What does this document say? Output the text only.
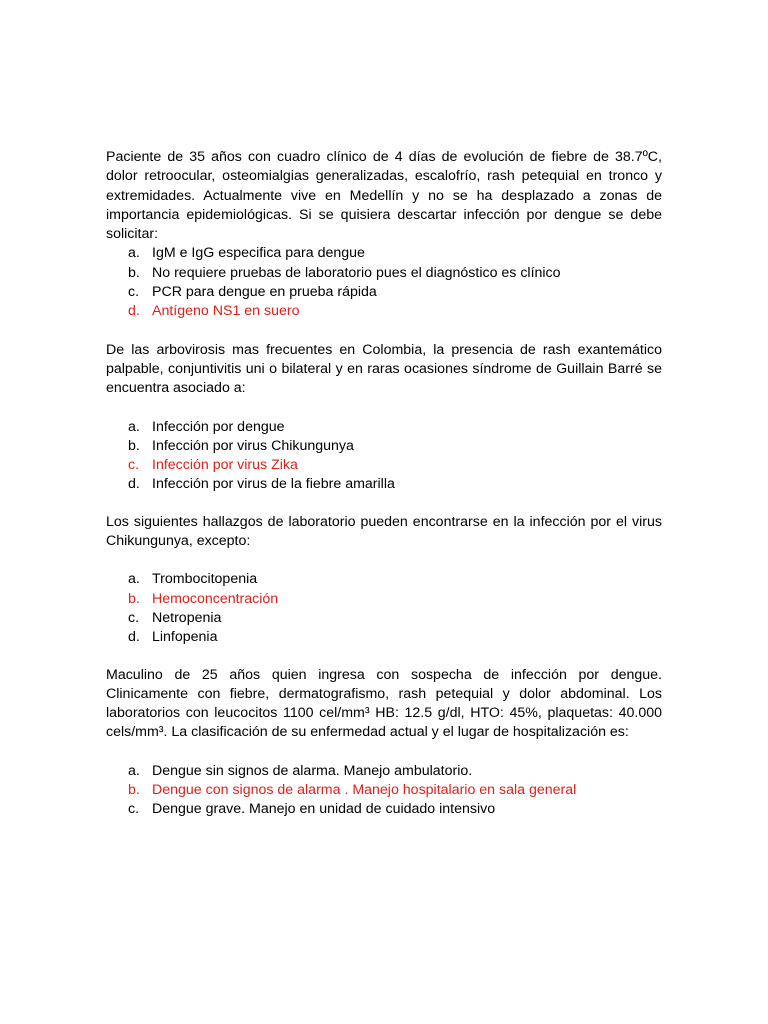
Paciente de 35 años con cuadro clínico de 4 días de evolución de fiebre de 38.7ºC, dolor retroocular, osteomialgias generalizadas, escalofrío, rash petequial en tronco y extremidades. Actualmente vive en Medellín y no se ha desplazado a zonas de importancia epidemiológicas. Si se quisiera descartar infección por dengue se debe solicitar:

a. IgM e IgG especifica para dengue
b. No requiere pruebas de laboratorio pues el diagnóstico es clínico
c. PCR para dengue en prueba rápida
d. Antígeno NS1 en suero

De las arbovirosis mas frecuentes en Colombia, la presencia de rash exantemático palpable, conjuntivitis uni o bilateral y en raras ocasiones síndrome de Guillain Barré se encuentra asociado a:

a. Infección por dengue
b. Infección por virus Chikungunya
c. Infección por virus Zika
d. Infección por virus de la fiebre amarilla

Los siguientes hallazgos de laboratorio pueden encontrarse en la infección por el virus Chikungunya, excepto:

a. Trombocitopenia
b. Hemoconcentración
c. Netropenia
d. Linfopenia

Maculino de 25 años quien ingresa con sospecha de infección por dengue. Clinicamente con fiebre, dermatografismo, rash petequial y dolor abdominal. Los laboratorios con leucocitos 1100 cel/mm³ HB: 12.5 g/dl, HTO: 45%, plaquetas: 40.000 cels/mm³. La clasificación de su enfermedad actual y el lugar de hospitalización es:

a. Dengue sin signos de alarma. Manejo ambulatorio.
b. Dengue con signos de alarma . Manejo hospitalario en sala general
c. Dengue grave. Manejo en unidad de cuidado intensivo
